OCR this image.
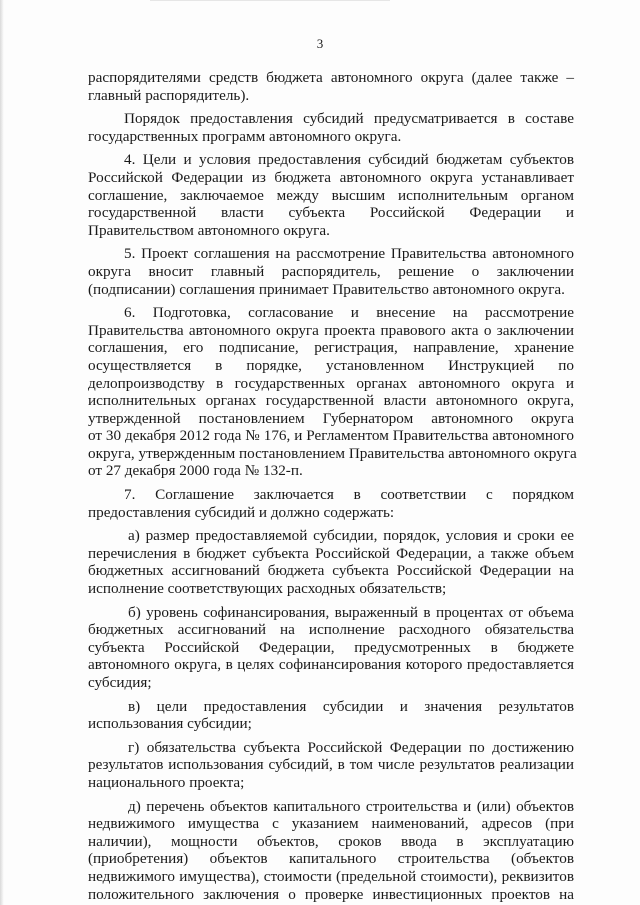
3
распорядителями средств бюджета автономного округа (далее также –
главный распорядитель).
Порядок предоставления субсидий предусматривается в составе
государственных программ автономного округа.
4. Цели и условия предоставления субсидий бюджетам субъектов
Российской Федерации из бюджета автономного округа устанавливает
соглашение, заключаемое между высшим исполнительным органом
государственной власти субъекта Российской Федерации и
Правительством автономного округа.
5. Проект соглашения на рассмотрение Правительства автономного
округа вносит главный распорядитель, решение о заключении
(подписании) соглашения принимает Правительство автономного округа.
6. Подготовка, согласование и внесение на рассмотрение
Правительства автономного округа проекта правового акта о заключении
соглашения, его подписание, регистрация, направление, хранение
осуществляется в порядке, установленном Инструкцией по
делопроизводству в государственных органах автономного округа и
исполнительных органах государственной власти автономного округа,
утвержденной постановлением Губернатором автономного округа
от 30 декабря 2012 года № 176, и Регламентом Правительства автономного
округа, утвержденным постановлением Правительства автономного округа
от 27 декабря 2000 года № 132-п.
7. Соглашение заключается в соответствии с порядком
предоставления субсидий и должно содержать:
а) размер предоставляемой субсидии, порядок, условия и сроки ее
перечисления в бюджет субъекта Российской Федерации, а также объем
бюджетных ассигнований бюджета субъекта Российской Федерации на
исполнение соответствующих расходных обязательств;
б) уровень софинансирования, выраженный в процентах от объема
бюджетных ассигнований на исполнение расходного обязательства
субъекта Российской Федерации, предусмотренных в бюджете
автономного округа, в целях софинансирования которого предоставляется
субсидия;
в) цели предоставления субсидии и значения результатов
использования субсидии;
г) обязательства субъекта Российской Федерации по достижению
результатов использования субсидий, в том числе результатов реализации
национального проекта;
д) перечень объектов капитального строительства и (или) объектов
недвижимого имущества с указанием наименований, адресов (при
наличии), мощности объектов, сроков ввода в эксплуатацию
(приобретения) объектов капитального строительства (объектов
недвижимого имущества), стоимости (предельной стоимости), реквизитов
положительного заключения о проверке инвестиционных проектов на
